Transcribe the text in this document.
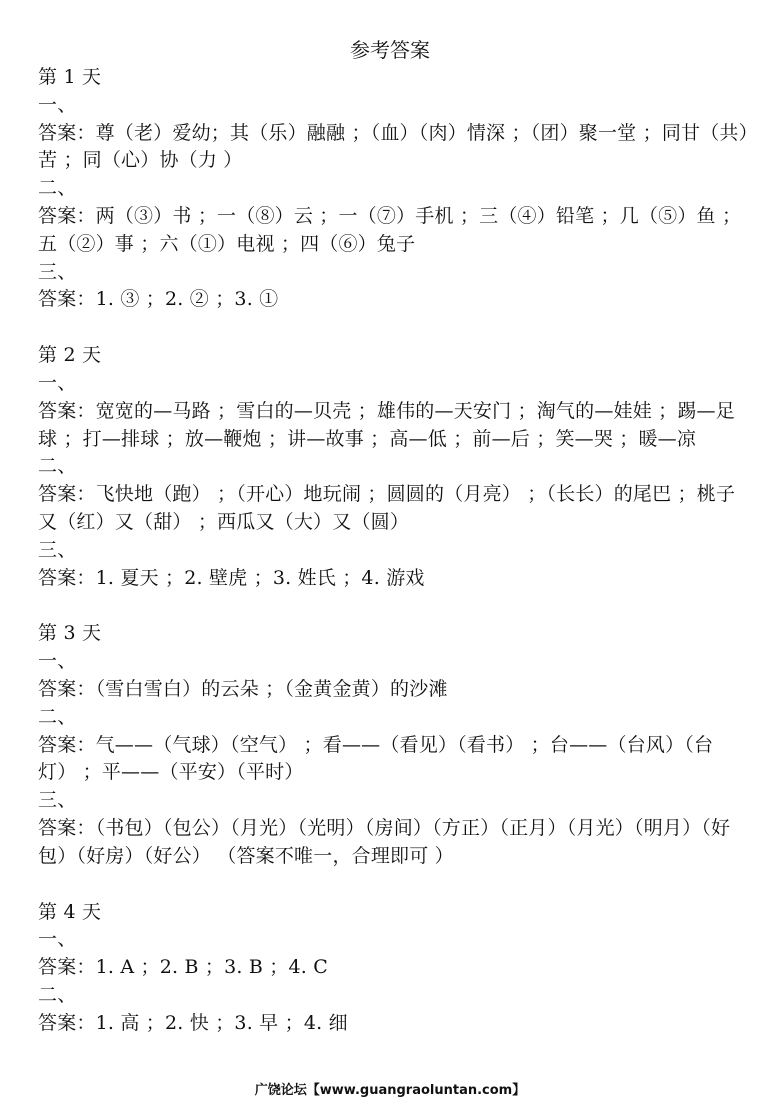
参考答案
第 1 天
一、
答案：尊（老）爱幼；其（乐）融融 ；（血）（肉）情深 ；（团）聚一堂 ；同甘（共）苦 ；同（心）协（力 ）
二、
答案：两（③）书 ；一（⑧）云 ；一（⑦）手机 ；三（④）铅笔 ；几（⑤）鱼 ；五（②）事 ；六（①）电视 ；四（⑥）兔子
三、
答案：1. ③ ；2. ② ；3. ①
第 2 天
一、
答案：宽宽的—马路 ；雪白的—贝壳 ；雄伟的—天安门 ；淘气的—娃娃 ；踢—足球 ；打—排球 ；放—鞭炮 ；讲—故事 ；高—低 ；前—后 ；笑—哭 ；暖—凉
二、
答案：飞快地（跑） ；（开心）地玩闹 ；圆圆的（月亮） ；（长长）的尾巴 ；桃子又（红）又（甜） ；西瓜又（大）又（圆）
三、
答案：1. 夏天 ；2. 壁虎 ；3. 姓氏 ；4. 游戏
第 3 天
一、
答案：（雪白雪白）的云朵 ；（金黄金黄）的沙滩
二、
答案：气——（气球）（空气） ；看——（看见）（看书） ；台——（台风）（台灯） ；平——（平安）（平时）
三、
答案：（书包）（包公）（月光）（光明）（房间）（方正）（正月）（月光）（明月）（好包）（好房）（好公） （答案不唯一，合理即可 ）
第 4 天
一、
答案：1. A ；2. B ；3. B ；4. C
二、
答案：1. 高 ；2. 快 ；3. 早 ；4. 细
广饶论坛【www.guangraoluntan.com】
